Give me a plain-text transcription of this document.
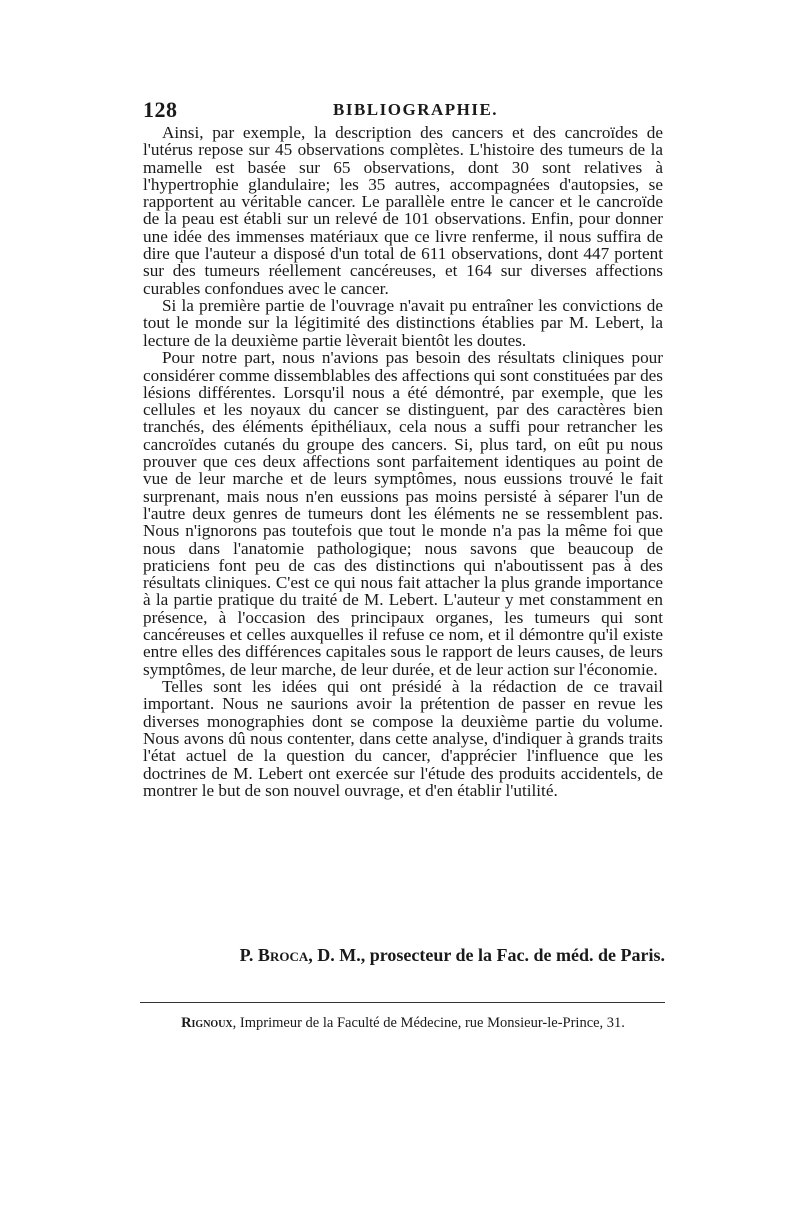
128	BIBLIOGRAPHIE.

Ainsi, par exemple, la description des cancers et des cancroïdes de l'utérus repose sur 45 observations complètes. L'histoire des tumeurs de la mamelle est basée sur 65 observations, dont 30 sont relatives à l'hypertrophie glandulaire; les 35 autres, accompagnées d'autopsies, se rapportent au véritable cancer. Le parallèle entre le cancer et le cancroïde de la peau est établi sur un relevé de 101 observations. Enfin, pour donner une idée des immenses matériaux que ce livre renferme, il nous suffira de dire que l'auteur a disposé d'un total de 611 observations, dont 447 portent sur des tumeurs réellement cancéreuses, et 164 sur diverses affections curables confondues avec le cancer.

Si la première partie de l'ouvrage n'avait pu entraîner les convictions de tout le monde sur la légitimité des distinctions établies par M. Lebert, la lecture de la deuxième partie lèverait bientôt les doutes.

Pour notre part, nous n'avions pas besoin des résultats cliniques pour considérer comme dissemblables des affections qui sont constituées par des lésions différentes. Lorsqu'il nous a été démontré, par exemple, que les cellules et les noyaux du cancer se distinguent, par des caractères bien tranchés, des éléments épithéliaux, cela nous a suffi pour retrancher les cancroïdes cutanés du groupe des cancers. Si, plus tard, on eût pu nous prouver que ces deux affections sont parfaitement identiques au point de vue de leur marche et de leurs symptômes, nous eussions trouvé le fait surprenant, mais nous n'en eussions pas moins persisté à séparer l'un de l'autre deux genres de tumeurs dont les éléments ne se ressemblent pas. Nous n'ignorons pas toutefois que tout le monde n'a pas la même foi que nous dans l'anatomie pathologique; nous savons que beaucoup de praticiens font peu de cas des distinctions qui n'aboutissent pas à des résultats cliniques. C'est ce qui nous fait attacher la plus grande importance à la partie pratique du traité de M. Lebert. L'auteur y met constamment en présence, à l'occasion des principaux organes, les tumeurs qui sont cancéreuses et celles auxquelles il refuse ce nom, et il démontre qu'il existe entre elles des différences capitales sous le rapport de leurs causes, de leurs symptômes, de leur marche, de leur durée, et de leur action sur l'économie.

Telles sont les idées qui ont présidé à la rédaction de ce travail important. Nous ne saurions avoir la prétention de passer en revue les diverses monographies dont se compose la deuxième partie du volume. Nous avons dû nous contenter, dans cette analyse, d'indiquer à grands traits l'état actuel de la question du cancer, d'apprécier l'influence que les doctrines de M. Lebert ont exercée sur l'étude des produits accidentels, de montrer le but de son nouvel ouvrage, et d'en établir l'utilité.

P. Broca, D. M., prosecteur de la Fac. de méd. de Paris.
Rignoux, Imprimeur de la Faculté de Médecine, rue Monsieur-le-Prince, 31.
